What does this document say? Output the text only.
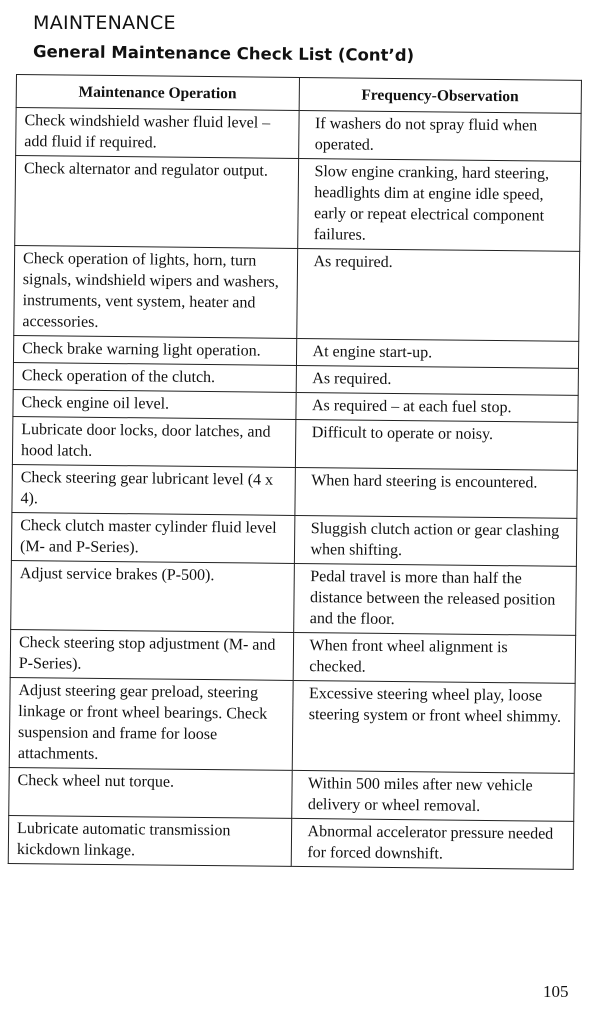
MAINTENANCE
General Maintenance Check List (Cont’d)
Maintenance Operation	Frequency-Observation
Check windshield washer fluid level – add fluid if required.	If washers do not spray fluid when operated.
Check alternator and regulator output.	Slow engine cranking, hard steering, headlights dim at engine idle speed, early or repeat electrical component failures.
Check operation of lights, horn, turn signals, windshield wipers and washers, instruments, vent system, heater and accessories.	As required.
Check brake warning light operation.	At engine start-up.
Check operation of the clutch.	As required.
Check engine oil level.	As required – at each fuel stop.
Lubricate door locks, door latches, and hood latch.	Difficult to operate or noisy.
Check steering gear lubricant level (4 x 4).	When hard steering is encountered.
Check clutch master cylinder fluid level (M- and P-Series).	Sluggish clutch action or gear clashing when shifting.
Adjust service brakes (P-500).	Pedal travel is more than half the distance between the released position and the floor.
Check steering stop adjustment (M- and P-Series).	When front wheel alignment is checked.
Adjust steering gear preload, steering linkage or front wheel bearings. Check suspension and frame for loose attachments.	Excessive steering wheel play, loose steering system or front wheel shimmy.
Check wheel nut torque.	Within 500 miles after new vehicle delivery or wheel removal.
Lubricate automatic transmission kickdown linkage.	Abnormal accelerator pressure needed for forced downshift.
105
